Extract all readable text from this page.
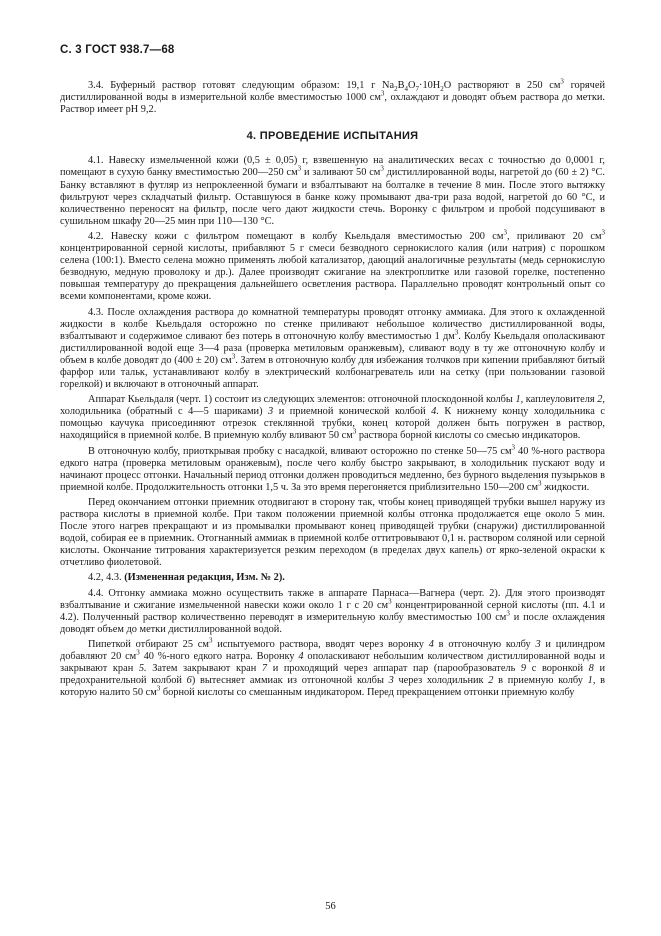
С. 3 ГОСТ 938.7—68

3.4. Буферный раствор готовят следующим образом: 19,1 г $Na_2B_4O_7\cdot 10H_2O$ растворяют в 250 $см^3$ горячей дистиллированной воды в измерительной колбе вместимостью 1000 $см^3$, охлаждают и доводят объем раствора до метки. Раствор имеет pH 9,2.

4. ПРОВЕДЕНИЕ ИСПЫТАНИЯ

4.1. Навеску измельченной кожи (0,5 ± 0,05) г, взвешенную на аналитических весах с точностью до 0,0001 г, помещают в сухую банку вместимостью 200—250 $см^3$ и заливают 50 $см^3$ дистиллированной воды, нагретой до (60 ± 2) °С. Банку вставляют в футляр из непроклеенной бумаги и взбалтывают на болталке в течение 8 мин. После этого вытяжку фильтруют через складчатый фильтр. Оставшуюся в банке кожу промывают два-три раза водой, нагретой до 60 °С, и количественно переносят на фильтр, после чего дают жидкости стечь. Воронку с фильтром и пробой подсушивают в сушильном шкафу 20—25 мин при 110—130 °С.

4.2. Навеску кожи с фильтром помещают в колбу Кьельдаля вместимостью 200 $см^3$, приливают 20 $см^3$ концентрированной серной кислоты, прибавляют 5 г смеси безводного сернокислого калия (или натрия) с порошком селена (100:1). Вместо селена можно применять любой катализатор, дающий аналогичные результаты (медь сернокислую безводную, медную проволоку и др.). Далее производят сжигание на электроплитке или газовой горелке, постепенно повышая температуру до прекращения дальнейшего осветления раствора. Параллельно проводят контрольный опыт со всеми компонентами, кроме кожи.

4.3. После охлаждения раствора до комнатной температуры проводят отгонку аммиака. Для этого к охлажденной жидкости в колбе Кьельдаля осторожно по стенке приливают небольшое количество дистиллированной воды, взбалтывают и содержимое сливают без потерь в отгоночную колбу вместимостью 1 $дм^3$. Колбу Кьельдаля ополаскивают дистиллированной водой еще 3—4 раза (проверка метиловым оранжевым), сливают воду в ту же отгоночную колбу и объем в колбе доводят до (400 ± 20) $см^3$. Затем в отгоночную колбу для избежания толчков при кипении прибавляют битый фарфор или тальк, устанавливают колбу в электрический колбонагреватель или на сетку (при пользовании газовой горелкой) и включают в отгоночный аппарат.

Аппарат Кьельдаля (черт. 1) состоит из следующих элементов: отгоночной плоскодонной колбы 1, каплеуловителя 2, холодильника (обратный с 4—5 шариками) 3 и приемной конической колбой 4. К нижнему концу холодильника с помощью каучука присоединяют отрезок стеклянной трубки, конец которой должен быть погружен в раствор, находящийся в приемной колбе. В приемную колбу вливают 50 $см^3$ раствора борной кислоты со смесью индикаторов.

В отгоночную колбу, приоткрывая пробку с насадкой, вливают осторожно по стенке 50—75 $см^3$ 40 %-ного раствора едкого натра (проверка метиловым оранжевым), после чего колбу быстро закрывают, в холодильник пускают воду и начинают процесс отгонки. Начальный период отгонки должен проводиться медленно, без бурного выделения пузырьков в приемной колбе. Продолжительность отгонки 1,5 ч. За это время перегоняется приблизительно 150—200 $см^3$ жидкости.

Перед окончанием отгонки приемник отодвигают в сторону так, чтобы конец приводящей трубки вышел наружу из раствора кислоты в приемной колбе. При таком положении приемной колбы отгонка продолжается еще около 5 мин. После этого нагрев прекращают и из промывалки промывают конец приводящей трубки (снаружи) дистиллированной водой, собирая ее в приемник. Отогнанный аммиак в приемной колбе оттитровывают 0,1 н. раствором соляной или серной кислоты. Окончание титрования характеризуется резким переходом (в пределах двух капель) от ярко-зеленой окраски к отчетливо фиолетовой.

4.2, 4.3. (Измененная редакция, Изм. № 2).

4.4. Отгонку аммиака можно осуществить также в аппарате Парнаса—Вагнера (черт. 2). Для этого производят взбалтывание и сжигание измельченной навески кожи около 1 г с 20 $см^3$ концентрированной серной кислоты (пп. 4.1 и 4.2). Полученный раствор количественно переводят в измерительную колбу вместимостью 100 $см^3$ и после охлаждения доводят объем до метки дистиллированной водой.

Пипеткой отбирают 25 $см^3$ испытуемого раствора, вводят через воронку 4 в отгоночную колбу 3 и цилиндром добавляют 20 $см^3$ 40 %-ного едкого натра. Воронку 4 ополаскивают небольшим количеством дистиллированной воды и закрывают кран 5. Затем закрывают кран 7 и проходящий через аппарат пар (парообразователь 9 с воронкой 8 и предохранительной колбой 6) вытесняет аммиак из отгоночной колбы 3 через холодильник 2 в приемную колбу 1, в которую налито 50 $см^3$ борной кислоты со смешанным индикатором. Перед прекращением отгонки приемную колбу

56
